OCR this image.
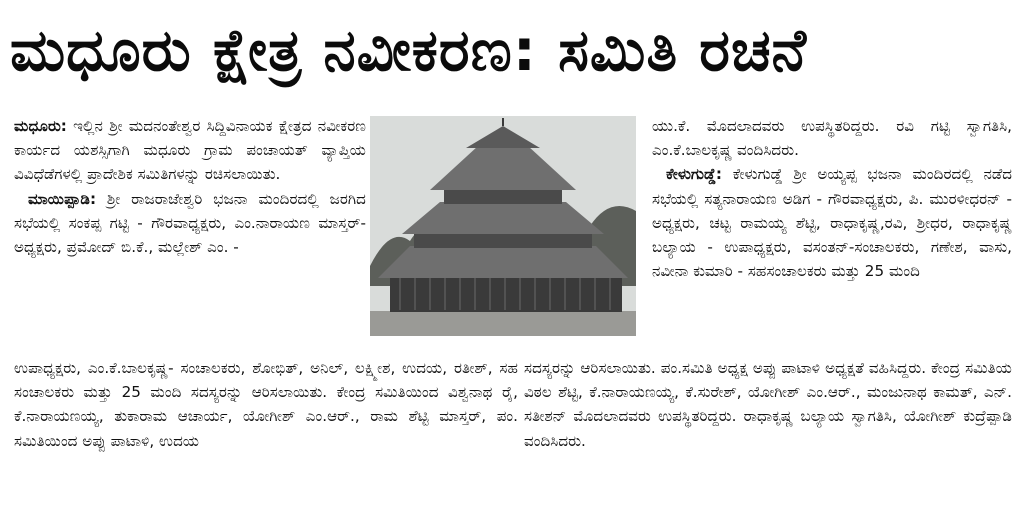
ಮಧೂರು ಕ್ಷೇತ್ರ ನವೀಕರಣ: ಸಮಿತಿ ರಚನೆ

ಮಧೂರು: ಇಲ್ಲಿನ ಶ್ರೀ ಮದನಂತೇಶ್ವರ ಸಿದ್ದಿವಿನಾಯಕ ಕ್ಷೇತ್ರದ ನವೀಕರಣ ಕಾರ್ಯದ ಯಶಸ್ಸಿಗಾಗಿ ಮಧೂರು ಗ್ರಾಮ ಪಂಚಾಯತ್ ವ್ಯಾಪ್ತಿಯ ವಿವಿಧೆಡೆಗಳಲ್ಲಿ ಪ್ರಾದೇಶಿಕ ಸಮಿತಿಗಳನ್ನು ರಚಿಸಲಾಯಿತು.

ಮಾಯಿಪ್ಪಾಡಿ: ಶ್ರೀ ರಾಜರಾಜೇಶ್ವರಿ ಭಜನಾ ಮಂದಿರದಲ್ಲಿ ಜರಗಿದ ಸಭೆಯಲ್ಲಿ ಸಂಕಪ್ಪ ಗಟ್ಟಿ - ಗೌರವಾಧ್ಯಕ್ಷರು, ಎಂ.ನಾರಾಯಣ ಮಾಸ್ತರ್- ಅಧ್ಯಕ್ಷರು, ಪ್ರಮೋದ್ ಬಿ.ಕೆ., ಮಲ್ಲೇಶ್ ಎಂ. -

ಉಪಾಧ್ಯಕ್ಷರು, ಎಂ.ಕೆ.ಬಾಲಕೃಷ್ಣ- ಸಂಚಾಲಕರು, ಶೋಭಿತ್, ಅನಿಲ್, ಲಕ್ಷ್ಮೀಶ, ಉದಯ, ರತೀಶ್, ಸಹ ಸಂಚಾಲಕರು ಮತ್ತು 25 ಮಂದಿ ಸದಸ್ಯರನ್ನು ಆರಿಸಲಾಯಿತು. ಕೇಂದ್ರ ಸಮಿತಿಯಿಂದ ವಿಶ್ವನಾಥ ರೈ, ಕೆ.ನಾರಾಯಣಯ್ಯ, ತುಕಾರಾಮ ಆಚಾರ್ಯ, ಯೋಗೀಶ್ ಎಂ.ಆರ್., ರಾಮ ಶೆಟ್ಟಿ ಮಾಸ್ತರ್, ಪಂ. ಸಮಿತಿಯಿಂದ ಅಪ್ಪು ಪಾಟಾಳಿ, ಉದಯ

ಯು.ಕೆ. ಮೊದಲಾದವರು ಉಪಸ್ಥಿತರಿದ್ದರು. ರವಿ ಗಟ್ಟಿ ಸ್ವಾಗತಿಸಿ, ಎಂ.ಕೆ.ಬಾಲಕೃಷ್ಣ ವಂದಿಸಿದರು.

ಕೇಳುಗುಡ್ಡೆ: ಕೇಳುಗುಡ್ಡೆ ಶ್ರೀ ಅಯ್ಯಪ್ಪ ಭಜನಾ ಮಂದಿರದಲ್ಲಿ ನಡೆದ ಸಭೆಯಲ್ಲಿ ಸತ್ಯನಾರಾಯಣ ಅಡಿಗ - ಗೌರವಾಧ್ಯಕ್ಷರು, ಪಿ. ಮುರಳೀಧರನ್ - ಅಧ್ಯಕ್ಷರು, ಚಟ್ಟ ರಾಮಯ್ಯ ಶೆಟ್ಟಿ, ರಾಧಾಕೃಷ್ಣ,ರವಿ, ಶ್ರೀಧರ, ರಾಧಾಕೃಷ್ಣ ಬಲ್ಯಾಯ - ಉಪಾಧ್ಯಕ್ಷರು, ವಸಂತನ್-ಸಂಚಾಲಕರು, ಗಣೇಶ, ವಾಸು, ನವೀನಾ ಕುಮಾರಿ - ಸಹಸಂಚಾಲಕರು ಮತ್ತು 25 ಮಂದಿ

ಸದಸ್ಯರನ್ನು ಆರಿಸಲಾಯಿತು. ಪಂ.ಸಮಿತಿ ಅಧ್ಯಕ್ಷ ಅಪ್ಪು ಪಾಟಾಳಿ ಅಧ್ಯಕ್ಷತೆ ವಹಿಸಿದ್ದರು. ಕೇಂದ್ರ ಸಮಿತಿಯ ವಿಠಲ ಶೆಟ್ಟಿ, ಕೆ.ನಾರಾಯಣಯ್ಯ, ಕೆ.ಸುರೇಶ್, ಯೋಗೀಶ್ ಎಂ.ಆರ್., ಮಂಜುನಾಥ ಕಾಮತ್, ಎನ್. ಸತೀಶನ್ ಮೊದಲಾದವರು ಉಪಸ್ಥಿತರಿದ್ದರು. ರಾಧಾಕೃಷ್ಣ ಬಲ್ಯಾಯ ಸ್ವಾಗತಿಸಿ, ಯೋಗೀಶ್ ಕುದ್ರೆಪ್ಪಾಡಿ ವಂದಿಸಿದರು.
